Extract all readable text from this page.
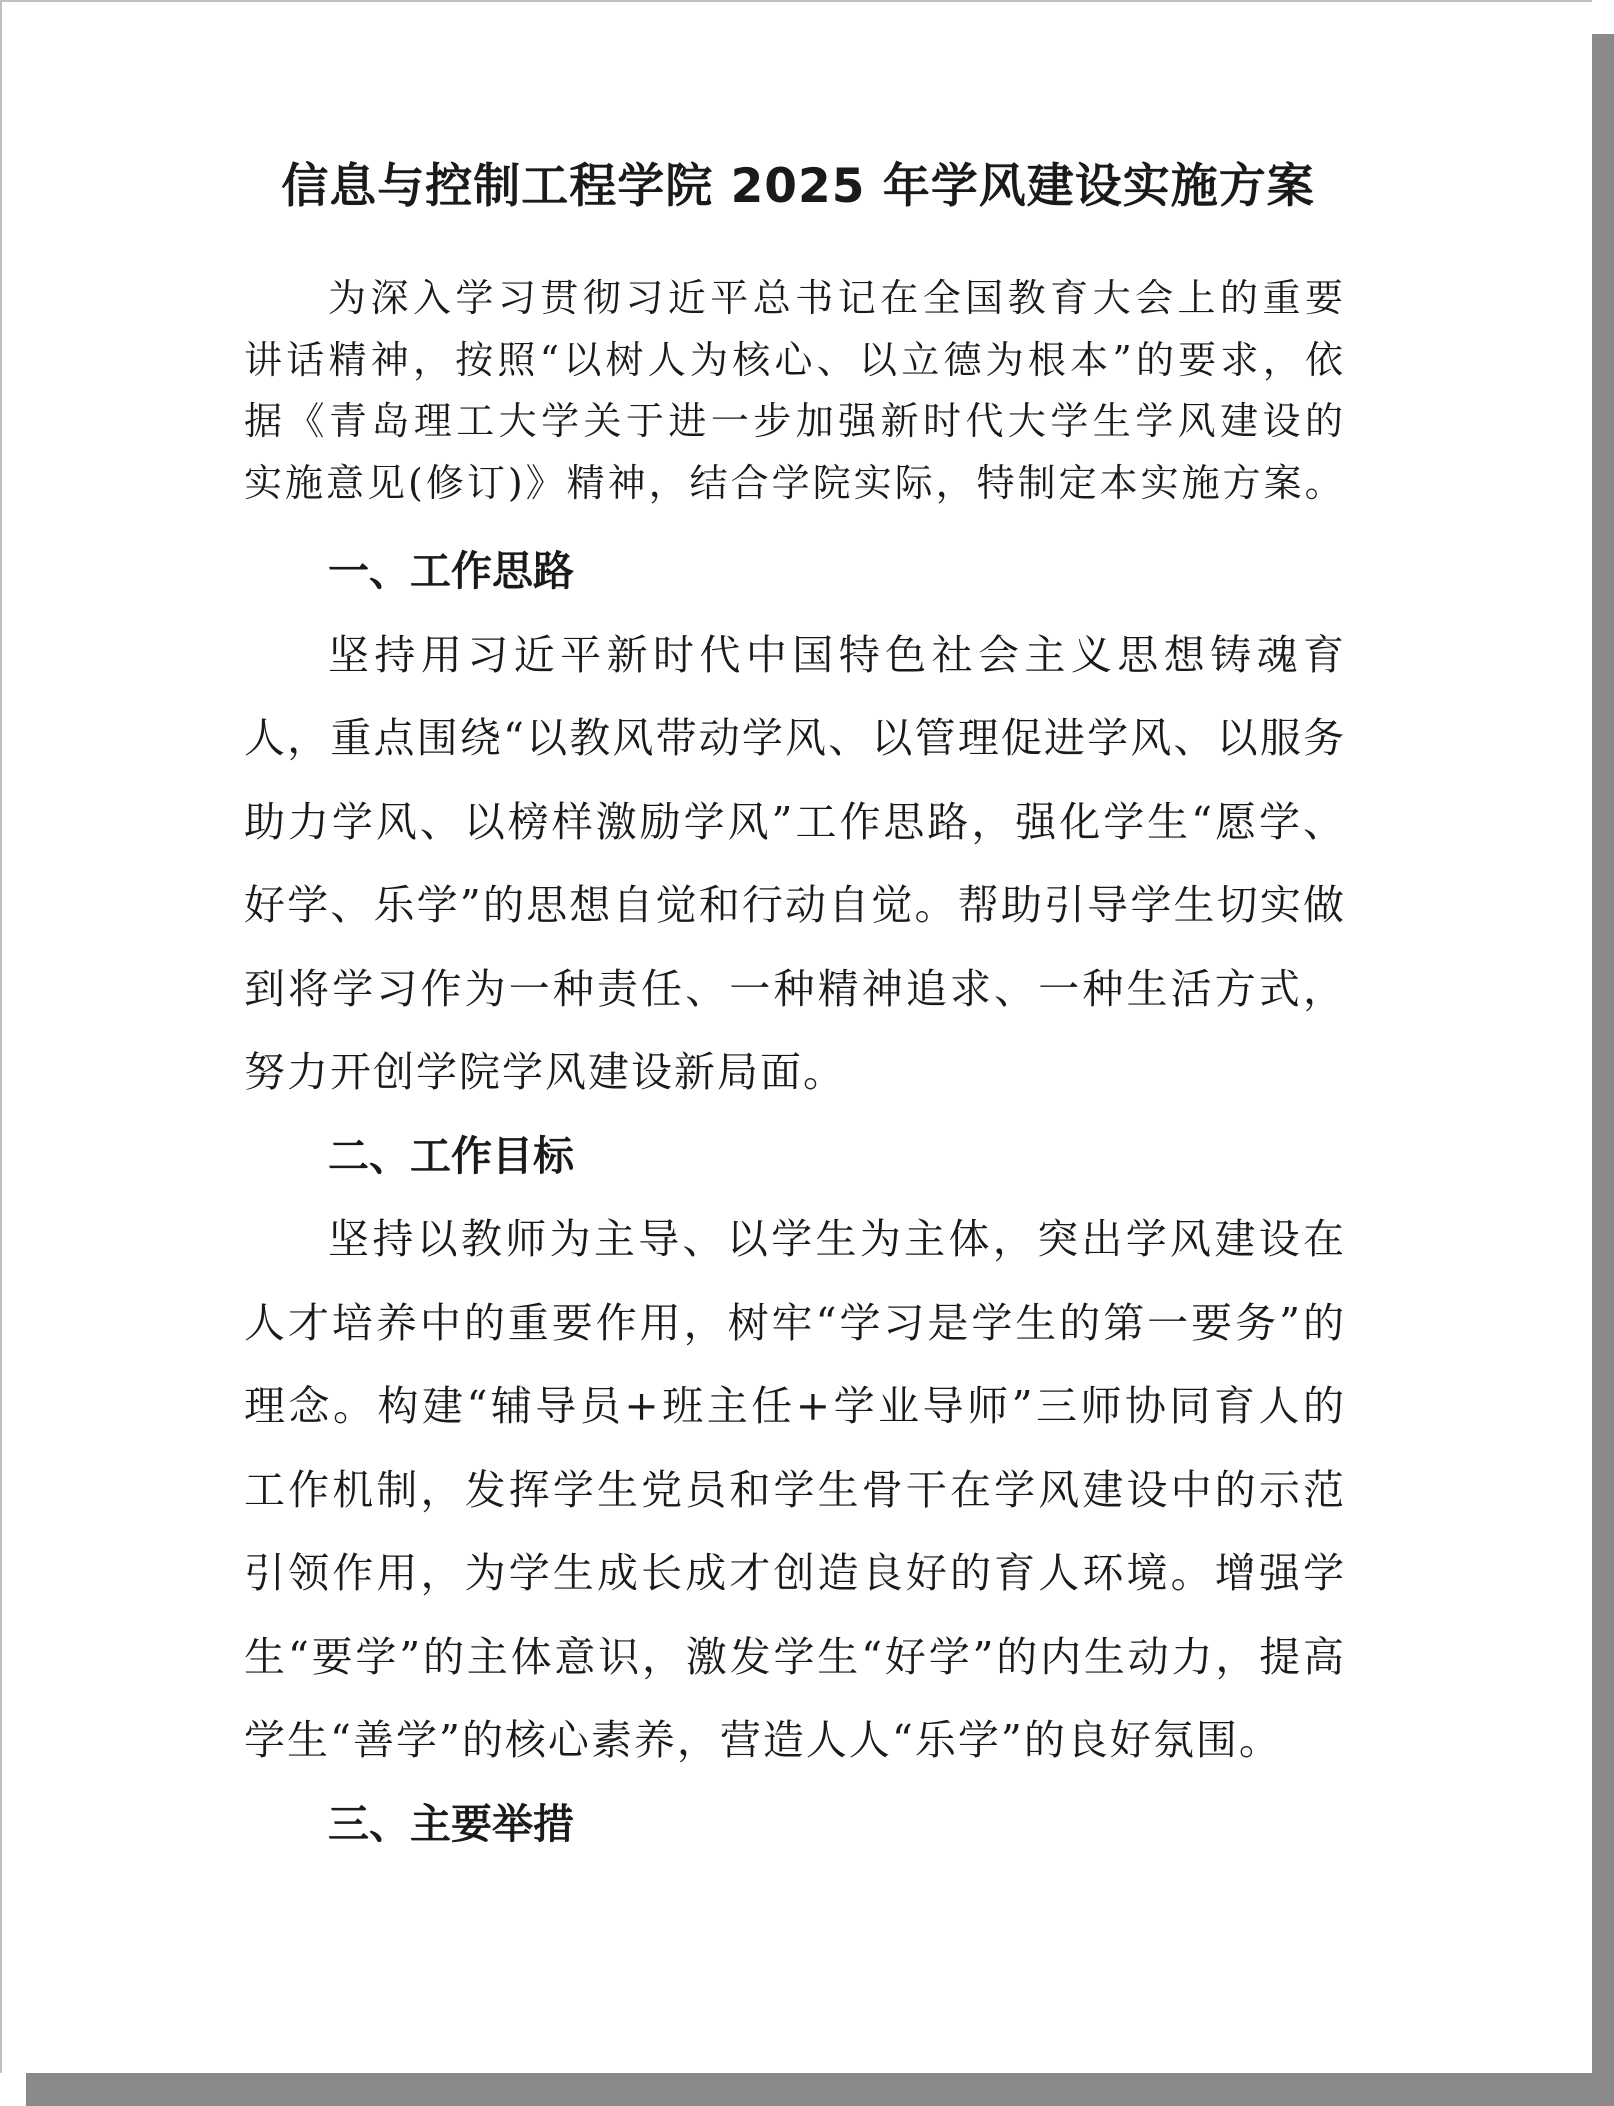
信息与控制工程学院 2025 年学风建设实施方案

为深入学习贯彻习近平总书记在全国教育大会上的重要讲话精神，按照“以树人为核心、以立德为根本”的要求，依据《青岛理工大学关于进一步加强新时代大学生学风建设的实施意见(修订)》精神，结合学院实际，特制定本实施方案。

一、工作思路

坚持用习近平新时代中国特色社会主义思想铸魂育人，重点围绕“以教风带动学风、以管理促进学风、以服务助力学风、以榜样激励学风”工作思路，强化学生“愿学、好学、乐学”的思想自觉和行动自觉。帮助引导学生切实做到将学习作为一种责任、一种精神追求、一种生活方式，努力开创学院学风建设新局面。

二、工作目标

坚持以教师为主导、以学生为主体，突出学风建设在人才培养中的重要作用，树牢“学习是学生的第一要务”的理念。构建“辅导员+班主任+学业导师”三师协同育人的工作机制，发挥学生党员和学生骨干在学风建设中的示范引领作用，为学生成长成才创造良好的育人环境。增强学生“要学”的主体意识，激发学生“好学”的内生动力，提高学生“善学”的核心素养，营造人人“乐学”的良好氛围。

三、主要举措
